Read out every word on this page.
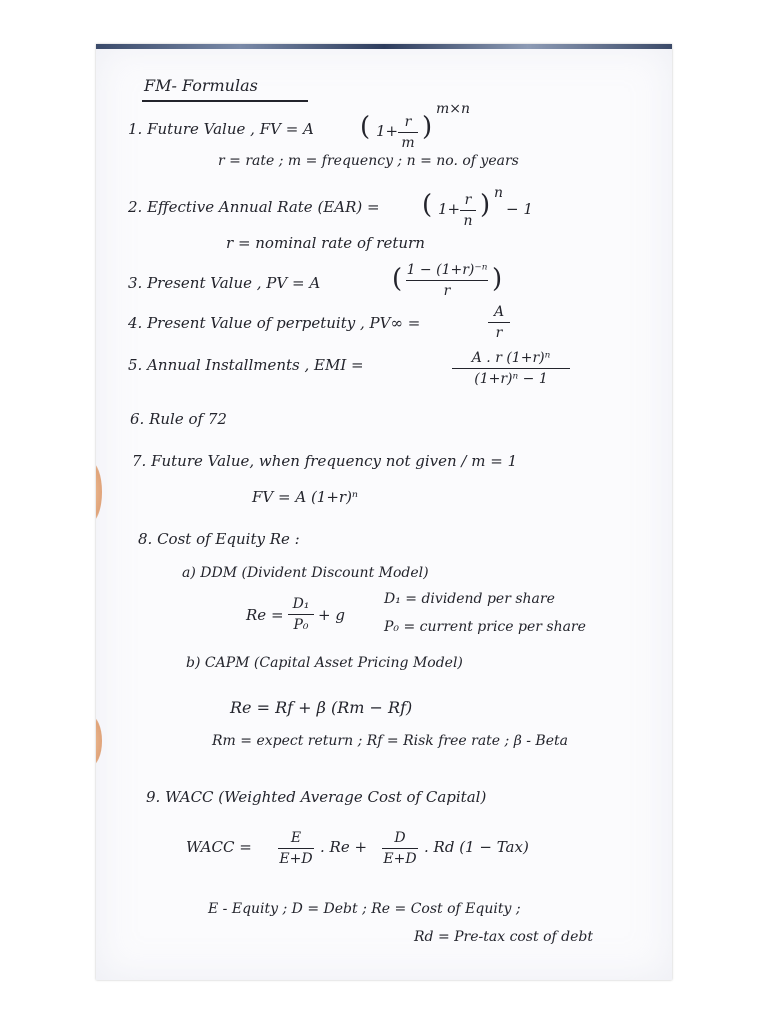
FM- Formulas
1. Future Value , FV = A ( 1+ r
m
)
m×n
r = rate ; m = frequency ; n = no. of years
2. Effective Annual Rate (EAR) = ( 1+ r
n
) n
− 1
r = nominal rate of return
3. Present Value , PV = A	( 1 − (1+r)⁻ⁿ
r )
4. Present Value of perpetuity , PV∞ =
A
r
5. Annual Installments , EMI =	A . r (1+r)ⁿ
(1+r)ⁿ − 1
6. Rule of 72
7. Future Value, when frequency not given / m = 1
FV = A (1+r)ⁿ
8. Cost of Equity Re :
a) DDM (Divident Discount Model)
Re =
D₁
P₀
+ g
D₁ = dividend per share
P₀ = current price per share
b) CAPM (Capital Asset Pricing Model)
Re = Rf + β (Rm − Rf)
Rm = expect return ; Rf = Risk free rate ; β - Beta
9. WACC (Weighted Average Cost of Capital)
WACC =	E
E+D
. Re + D
E+D
. Rd (1 − Tax)
E - Equity ; D = Debt ; Re = Cost of Equity ;
Rd = Pre-tax cost of debt
